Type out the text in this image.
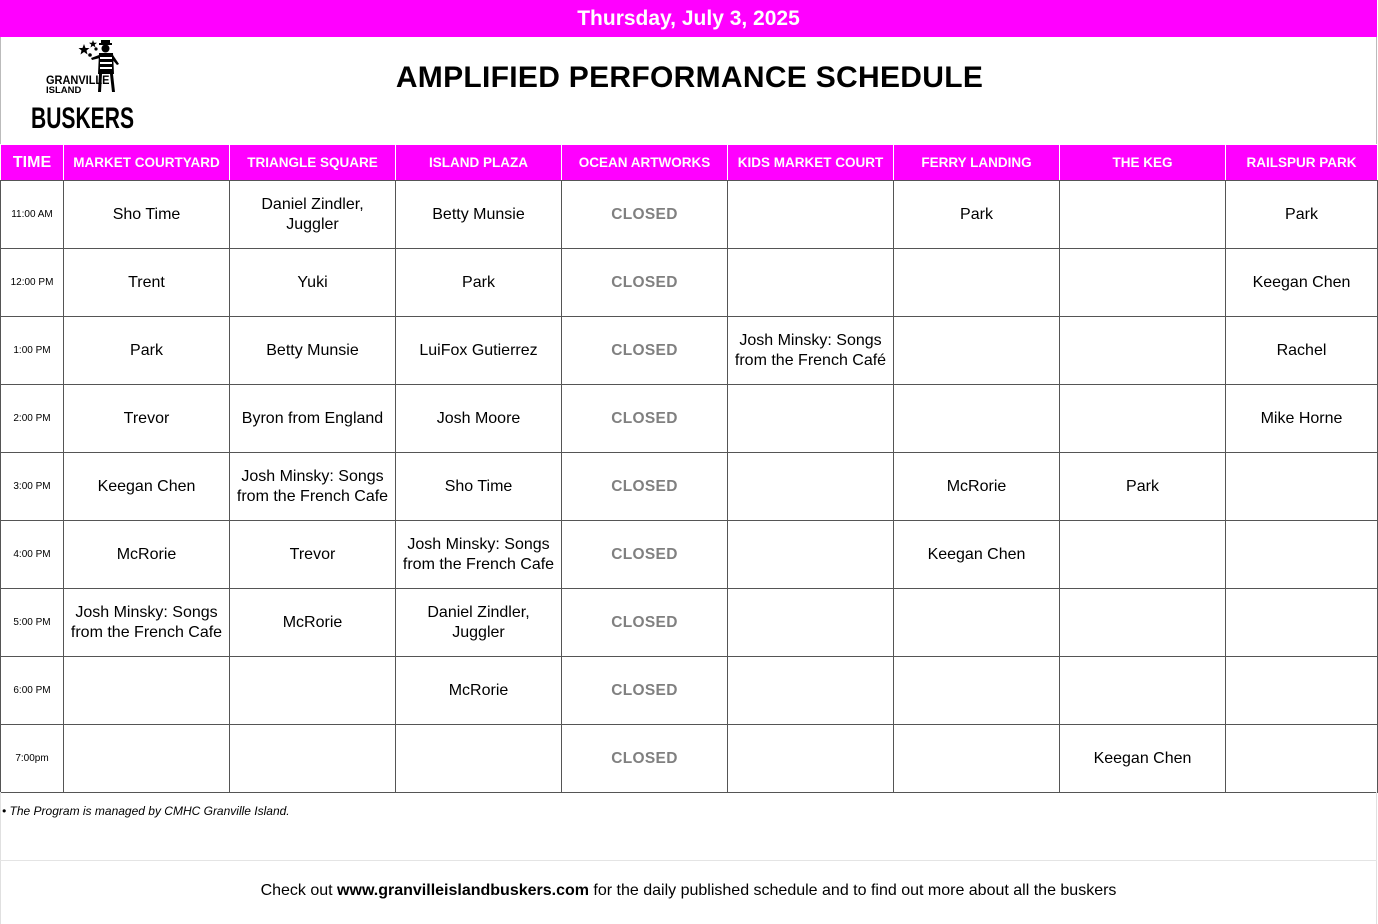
Thursday, July 3, 2025
GRANVILLE
ISLAND
BUSKERS
AMPLIFIED PERFORMANCE SCHEDULE
TIME	MARKET COURTYARD	TRIANGLE SQUARE	ISLAND PLAZA	OCEAN ARTWORKS	KIDS MARKET COURT	FERRY LANDING	THE KEG	RAILSPUR PARK
11:00 AM	Sho Time	Daniel Zindler, Juggler	Betty Munsie	CLOSED		Park		Park
12:00 PM	Trent	Yuki	Park	CLOSED				Keegan Chen
1:00 PM	Park	Betty Munsie	LuiFox Gutierrez	CLOSED	Josh Minsky: Songs from the French Café			Rachel
2:00 PM	Trevor	Byron from England	Josh Moore	CLOSED				Mike Horne
3:00 PM	Keegan Chen	Josh Minsky: Songs from the French Cafe	Sho Time	CLOSED		McRorie	Park	
4:00 PM	McRorie	Trevor	Josh Minsky: Songs from the French Cafe	CLOSED		Keegan Chen		
5:00 PM	Josh Minsky: Songs from the French Cafe	McRorie	Daniel Zindler, Juggler	CLOSED				
6:00 PM			McRorie	CLOSED				
7:00pm				CLOSED			Keegan Chen	
• The Program is managed by CMHC Granville Island.
Check out www.granvilleislandbuskers.com for the daily published schedule and to find out more about all the buskers
